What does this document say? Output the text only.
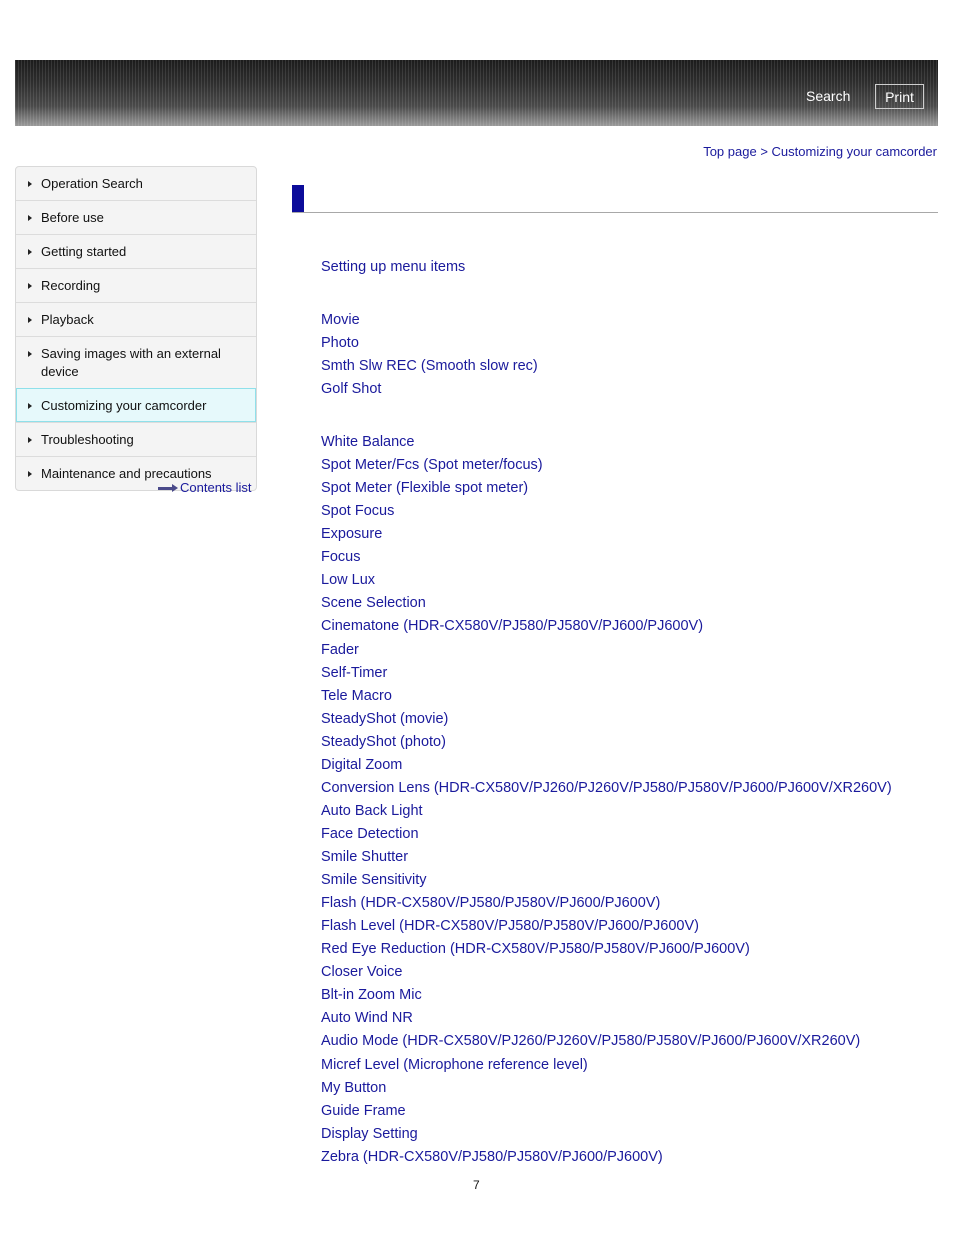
Search	Print
Top page > Customizing your camcorder
Operation Search
Before use
Getting started
Recording
Playback
Saving images with an external device
Customizing your camcorder
Troubleshooting
Maintenance and precautions
Contents list
Setting up menu items
Movie
Photo
Smth Slw REC (Smooth slow rec)
Golf Shot
White Balance
Spot Meter/Fcs (Spot meter/focus)
Spot Meter (Flexible spot meter)
Spot Focus
Exposure
Focus
Low Lux
Scene Selection
Cinematone (HDR-CX580V/PJ580/PJ580V/PJ600/PJ600V)
Fader
Self-Timer
Tele Macro
SteadyShot (movie)
SteadyShot (photo)
Digital Zoom
Conversion Lens (HDR-CX580V/PJ260/PJ260V/PJ580/PJ580V/PJ600/PJ600V/XR260V)
Auto Back Light
Face Detection
Smile Shutter
Smile Sensitivity
Flash (HDR-CX580V/PJ580/PJ580V/PJ600/PJ600V)
Flash Level (HDR-CX580V/PJ580/PJ580V/PJ600/PJ600V)
Red Eye Reduction (HDR-CX580V/PJ580/PJ580V/PJ600/PJ600V)
Closer Voice
Blt-in Zoom Mic
Auto Wind NR
Audio Mode (HDR-CX580V/PJ260/PJ260V/PJ580/PJ580V/PJ600/PJ600V/XR260V)
Micref Level (Microphone reference level)
My Button
Guide Frame
Display Setting
Zebra (HDR-CX580V/PJ580/PJ580V/PJ600/PJ600V)
7
